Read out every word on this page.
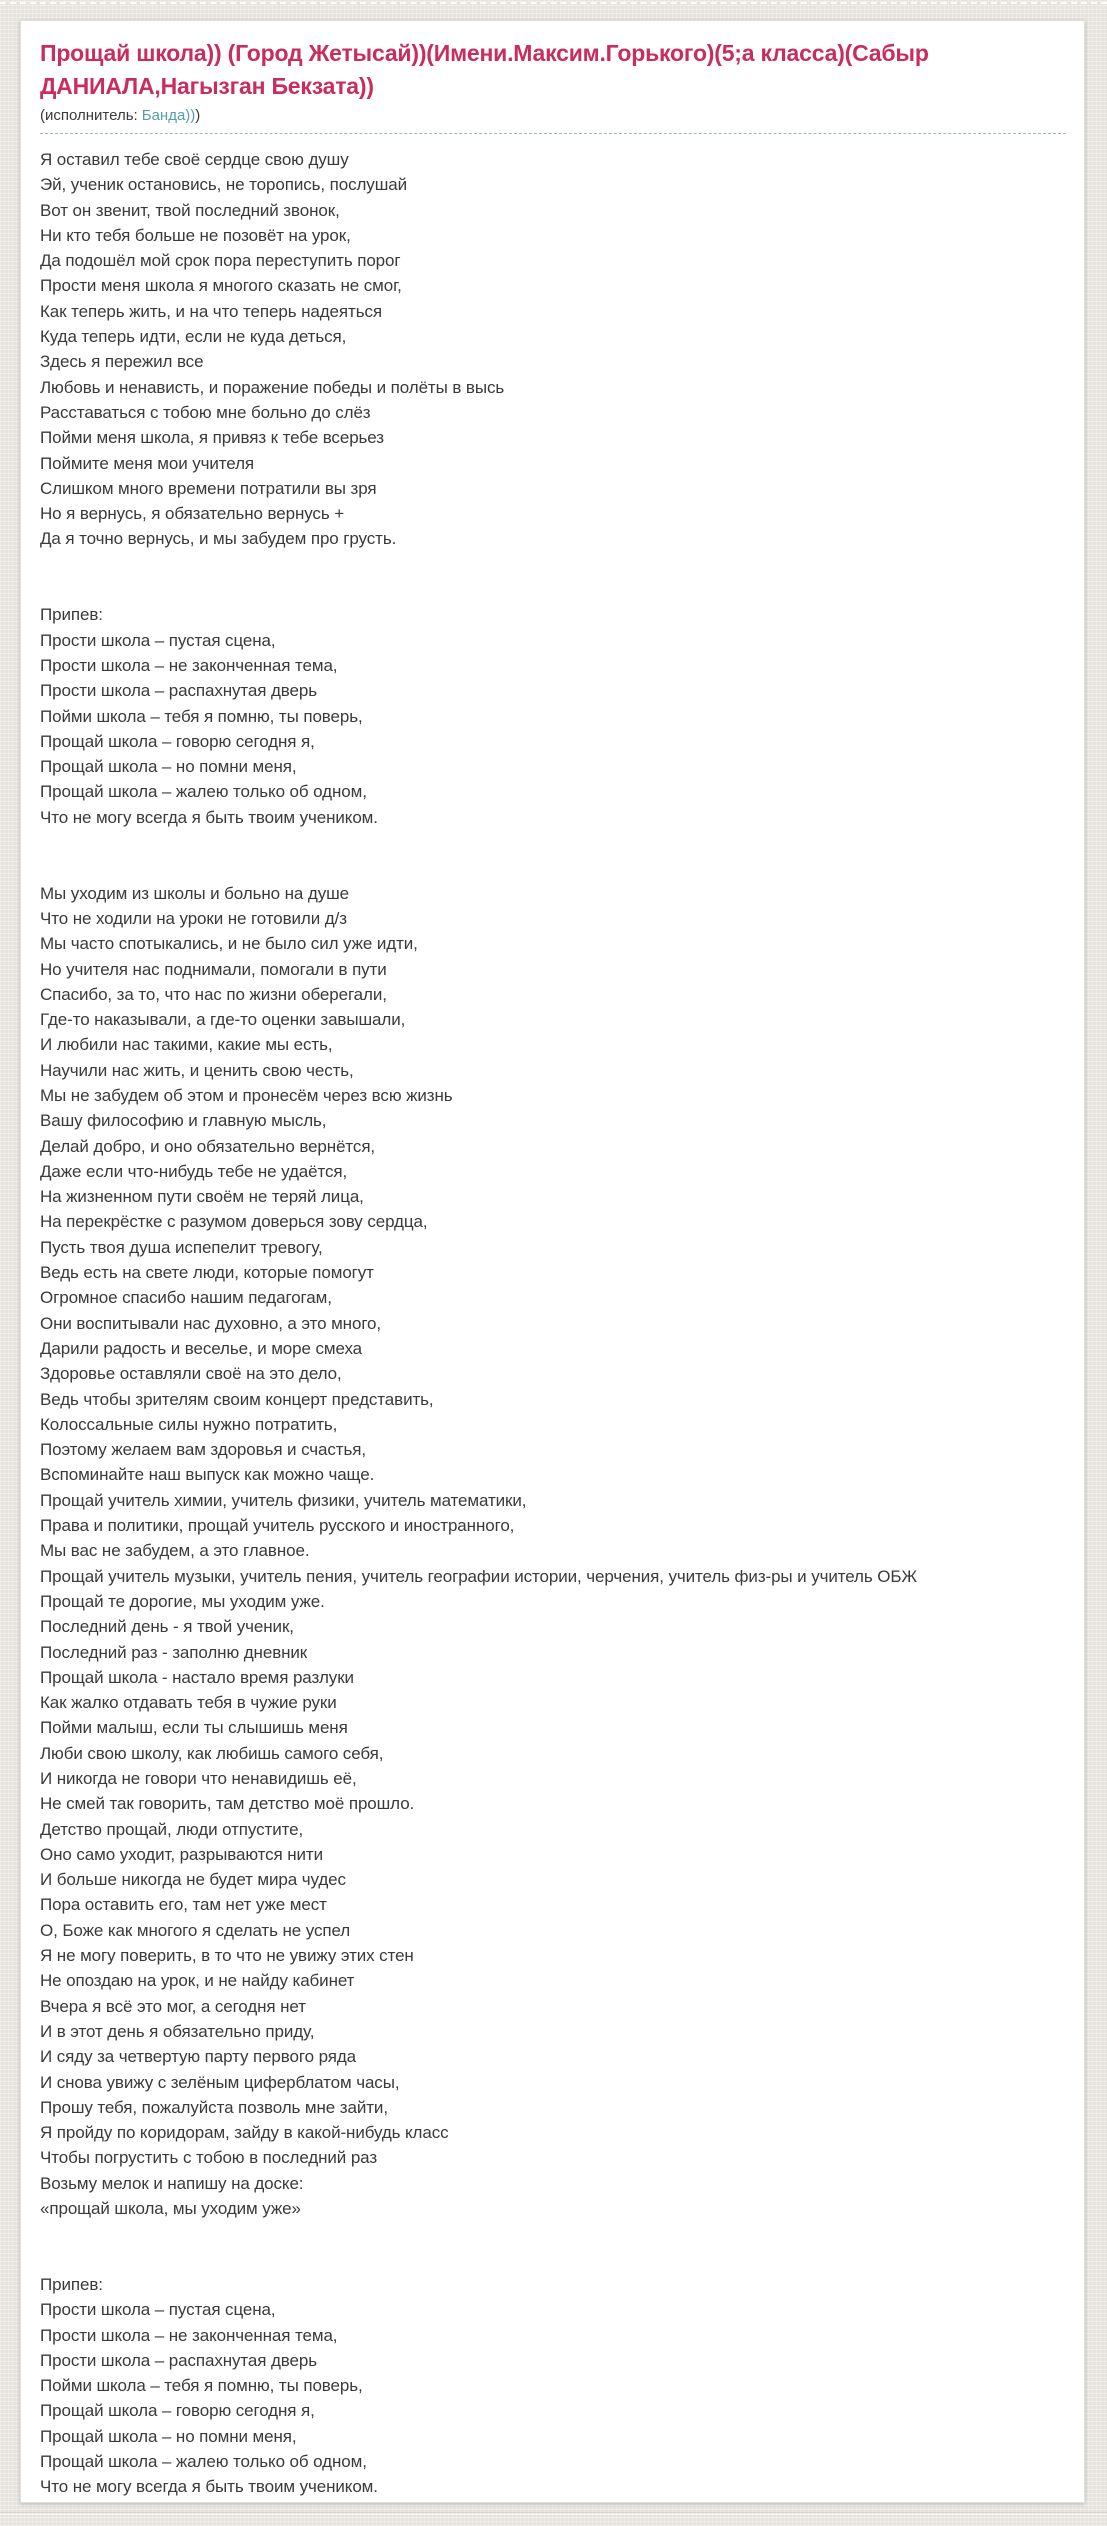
Прощай школа)) (Город Жетысай))(Имени.Максим.Горького)(5;а класса)(Сабыр ДАНИАЛА,Нагызган Бекзата))
(исполнитель: Банда)))
Я оставил тебе своё сердце свою душу
Эй, ученик остановись, не торопись, послушай
Вот он звенит, твой последний звонок,
Ни кто тебя больше не позовёт на урок,
Да подошёл мой срок пора переступить порог
Прости меня школа я многого сказать не смог,
Как теперь жить, и на что теперь надеяться
Куда теперь идти, если не куда деться,
Здесь я пережил все
Любовь и ненависть, и поражение победы и полёты в высь
Расставаться с тобою мне больно до слёз
Пойми меня школа, я привяз к тебе всерьез
Поймите меня мои учителя
Слишком много времени потратили вы зря
Но я вернусь, я обязательно вернусь +
Да я точно вернусь, и мы забудем про грусть.

Припев:
Прости школа – пустая сцена,
Прости школа – не законченная тема,
Прости школа – распахнутая дверь
Пойми школа – тебя я помню, ты поверь,
Прощай школа – говорю сегодня я,
Прощай школа – но помни меня,
Прощай школа – жалею только об одном,
Что не могу всегда я быть твоим учеником.

Мы уходим из школы и больно на душе
Что не ходили на уроки не готовили д/з
Мы часто спотыкались, и не было сил уже идти,
Но учителя нас поднимали, помогали в пути
Спасибо, за то, что нас по жизни оберегали,
Где-то наказывали, а где-то оценки завышали,
И любили нас такими, какие мы есть,
Научили нас жить, и ценить свою честь,
Мы не забудем об этом и пронесём через всю жизнь
Вашу философию и главную мысль,
Делай добро, и оно обязательно вернётся,
Даже если что-нибудь тебе не удаётся,
На жизненном пути своём не теряй лица,
На перекрёстке с разумом доверься зову сердца,
Пусть твоя душа испепелит тревогу,
Ведь есть на свете люди, которые помогут
Огромное спасибо нашим педагогам,
Они воспитывали нас духовно, а это много,
Дарили радость и веселье, и море смеха
Здоровье оставляли своё на это дело,
Ведь чтобы зрителям своим концерт представить,
Колоссальные силы нужно потратить,
Поэтому желаем вам здоровья и счастья,
Вспоминайте наш выпуск как можно чаще.
Прощай учитель химии, учитель физики, учитель математики,
Права и политики, прощай учитель русского и иностранного,
Мы вас не забудем, а это главное.
Прощай учитель музыки, учитель пения, учитель географии истории, черчения, учитель физ-ры и учитель ОБЖ
Прощай те дорогие, мы уходим уже.
Последний день - я твой ученик,
Последний раз - заполню дневник
Прощай школа - настало время разлуки
Как жалко отдавать тебя в чужие руки
Пойми малыш, если ты слышишь меня
Люби свою школу, как любишь самого себя,
И никогда не говори что ненавидишь её,
Не смей так говорить, там детство моё прошло.
Детство прощай, люди отпустите,
Оно само уходит, разрываются нити
И больше никогда не будет мира чудес
Пора оставить его, там нет уже мест
О, Боже как многого я сделать не успел
Я не могу поверить, в то что не увижу этих стен
Не опоздаю на урок, и не найду кабинет
Вчера я всё это мог, а сегодня нет
И в этот день я обязательно приду,
И сяду за четвертую парту первого ряда
И снова увижу с зелёным циферблатом часы,
Прошу тебя, пожалуйста позволь мне зайти,
Я пройду по коридорам, зайду в какой-нибудь класс
Чтобы погрустить с тобою в последний раз
Возьму мелок и напишу на доске:
«прощай школа, мы уходим уже»

Припев:
Прости школа – пустая сцена,
Прости школа – не законченная тема,
Прости школа – распахнутая дверь
Пойми школа – тебя я помню, ты поверь,
Прощай школа – говорю сегодня я,
Прощай школа – но помни меня,
Прощай школа – жалею только об одном,
Что не могу всегда я быть твоим учеником.
